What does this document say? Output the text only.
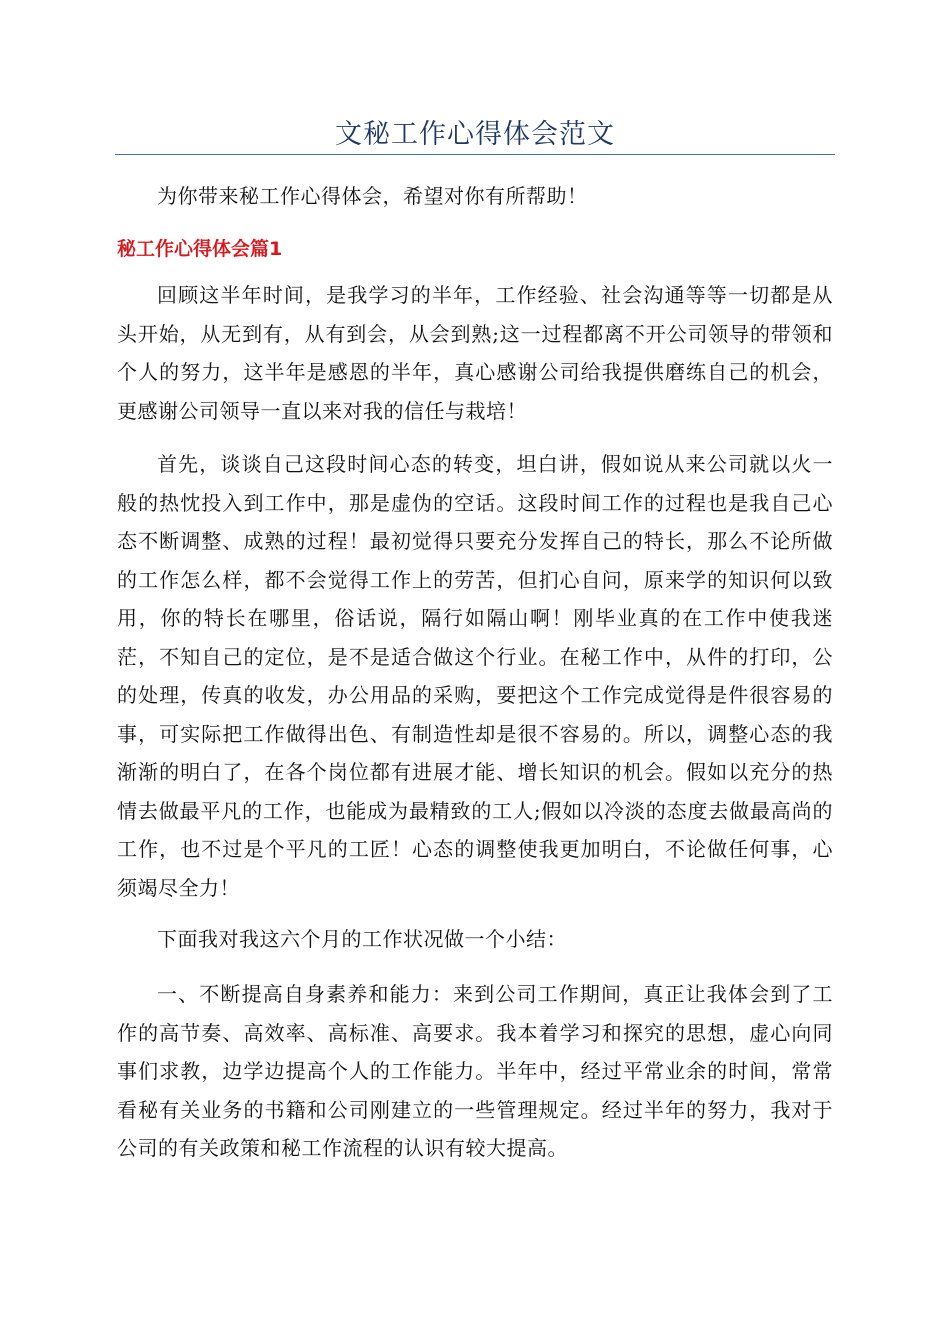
文秘工作心得体会范文

为你带来秘工作心得体会，希望对你有所帮助！

秘工作心得体会篇1

回顾这半年时间，是我学习的半年，工作经验、社会沟通等等一切都是从头开始，从无到有，从有到会，从会到熟;这一过程都离不开公司领导的带领和个人的努力，这半年是感恩的半年，真心感谢公司给我提供磨练自己的机会，更感谢公司领导一直以来对我的信任与栽培！

首先，谈谈自己这段时间心态的转变，坦白讲，假如说从来公司就以火一般的热忱投入到工作中，那是虚伪的空话。这段时间工作的过程也是我自己心态不断调整、成熟的过程！最初觉得只要充分发挥自己的特长，那么不论所做的工作怎么样，都不会觉得工作上的劳苦，但扪心自问，原来学的知识何以致用，你的特长在哪里，俗话说，隔行如隔山啊！刚毕业真的在工作中使我迷茫，不知自己的定位，是不是适合做这个行业。在秘工作中，从件的打印，公的处理，传真的收发，办公用品的采购，要把这个工作完成觉得是件很容易的事，可实际把工作做得出色、有制造性却是很不容易的。所以，调整心态的我渐渐的明白了，在各个岗位都有进展才能、增长知识的机会。假如以充分的热情去做最平凡的工作，也能成为最精致的工人;假如以冷淡的态度去做最高尚的工作，也不过是个平凡的工匠！心态的调整使我更加明白，不论做任何事，心须竭尽全力！

下面我对我这六个月的工作状况做一个小结：

一、不断提高自身素养和能力：来到公司工作期间，真正让我体会到了工作的高节奏、高效率、高标准、高要求。我本着学习和探究的思想，虚心向同事们求教，边学边提高个人的工作能力。半年中，经过平常业余的时间，常常看秘有关业务的书籍和公司刚建立的一些管理规定。经过半年的努力，我对于公司的有关政策和秘工作流程的认识有较大提高。
